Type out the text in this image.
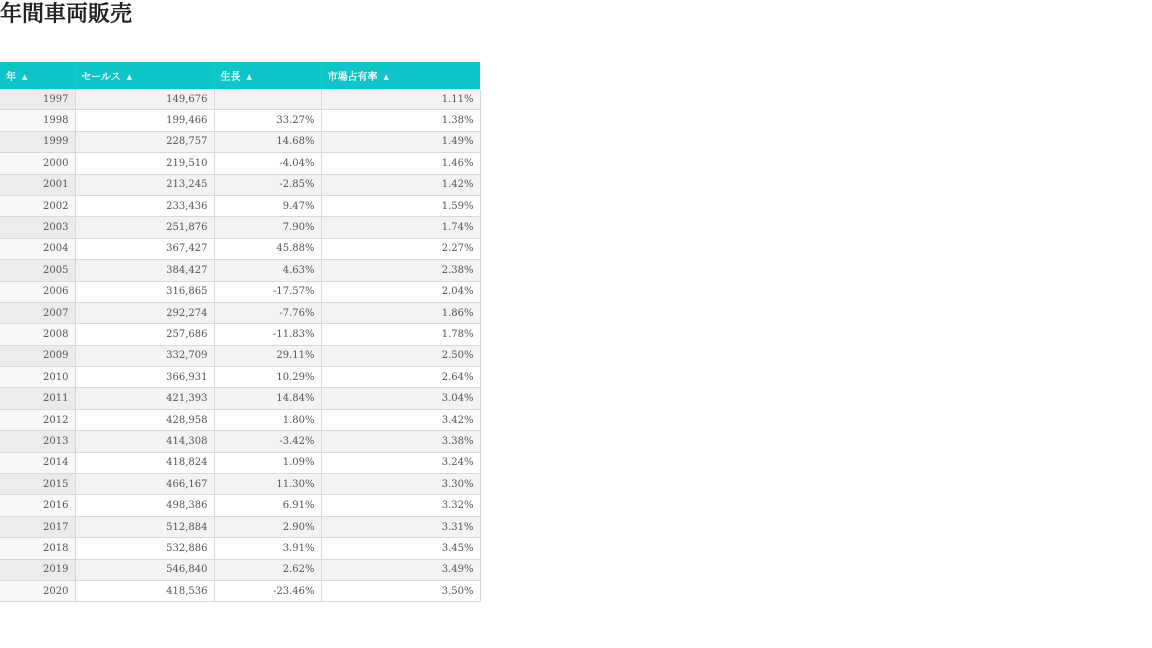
年間車両販売
年 ▲	セールス ▲	生長 ▲	市場占有率 ▲
1997	149,676		1.11%
1998	199,466	33.27%	1.38%
1999	228,757	14.68%	1.49%
2000	219,510	-4.04%	1.46%
2001	213,245	-2.85%	1.42%
2002	233,436	9.47%	1.59%
2003	251,876	7.90%	1.74%
2004	367,427	45.88%	2.27%
2005	384,427	4.63%	2.38%
2006	316,865	-17.57%	2.04%
2007	292,274	-7.76%	1.86%
2008	257,686	-11.83%	1.78%
2009	332,709	29.11%	2.50%
2010	366,931	10.29%	2.64%
2011	421,393	14.84%	3.04%
2012	428,958	1.80%	3.42%
2013	414,308	-3.42%	3.38%
2014	418,824	1.09%	3.24%
2015	466,167	11.30%	3.30%
2016	498,386	6.91%	3.32%
2017	512,884	2.90%	3.31%
2018	532,886	3.91%	3.45%
2019	546,840	2.62%	3.49%
2020	418,536	-23.46%	3.50%
